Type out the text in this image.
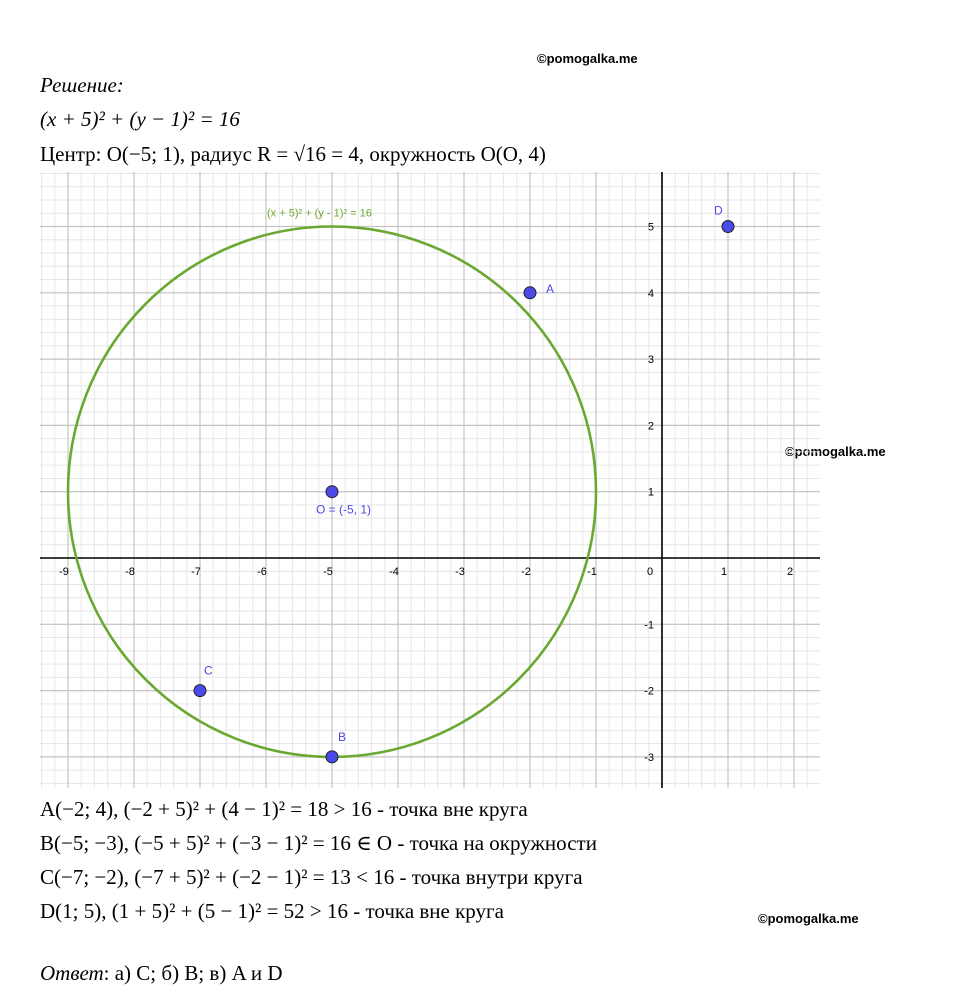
©pomogalka.me
©pomogalka.me
©pomogalka.me
Решение:
(x + 5)² + (y − 1)² = 16
Центр: O(−5; 1), радиус R = √16 = 4, окружность O(O, 4)
-9	-8	-7	-6	-5	-4	-3	-2	-1	0	1	2
-3
-2
-1
1
2
3
4
5
(x + 5)² + (y - 1)² = 16
A
D
O = (-5, 1)
C
B
A(−2; 4), (−2 + 5)² + (4 − 1)² = 18 > 16 - точка вне круга
B(−5; −3), (−5 + 5)² + (−3 − 1)² = 16 ∈ O - точка на окружности
C(−7; −2), (−7 + 5)² + (−2 − 1)² = 13 < 16 - точка внутри круга
D(1; 5), (1 + 5)² + (5 − 1)² = 52 > 16 - точка вне круга
Ответ: а) C; б) B; в) A и D
